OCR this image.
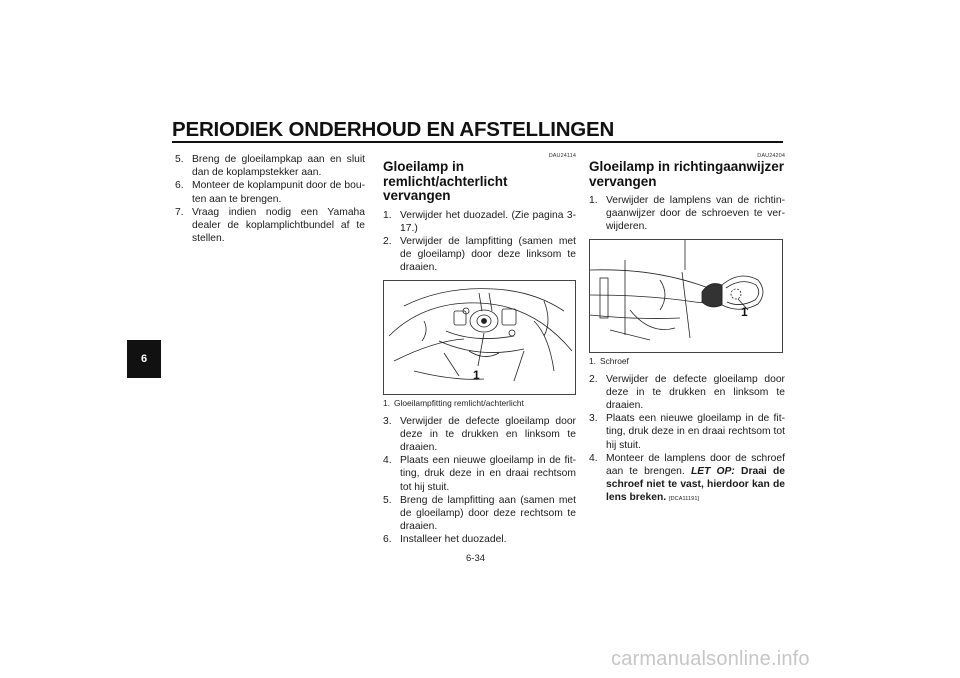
PERIODIEK ONDERHOUD EN AFSTELLINGEN
6
5. Breng de gloeilampkap aan en sluit dan de koplampstekker aan.
6. Monteer de koplampunit door de bouten aan te brengen.
7. Vraag indien nodig een Yamaha dealer de koplamplichtbundel af te stellen.
DAU24114
Gloeilamp in remlicht/achterlicht vervangen
1. Verwijder het duozadel. (Zie pagina 3-17.)
2. Verwijder de lampfitting (samen met de gloeilamp) door deze linksom te draaien.
1
1. Gloeilampfitting remlicht/achterlicht
3. Verwijder de defecte gloeilamp door deze in te drukken en linksom te draaien.
4. Plaats een nieuwe gloeilamp in de fitting, druk deze in en draai rechtsom tot hij stuit.
5. Breng de lampfitting aan (samen met de gloeilamp) door deze rechtsom te draaien.
6. Installeer het duozadel.
DAU24204
Gloeilamp in richtingaanwijzer vervangen
1. Verwijder de lamplens van de richtingaanwijzer door de schroeven te verwijderen.
1
1. Schroef
2. Verwijder de defecte gloeilamp door deze in te drukken en linksom te draaien.
3. Plaats een nieuwe gloeilamp in de fitting, druk deze in en draai rechtsom tot hij stuit.
4. Monteer de lamplens door de schroef aan te brengen. LET OP: Draai de schroef niet te vast, hierdoor kan de lens breken. [DCA11191]
6-34
carmanualsonline.info
